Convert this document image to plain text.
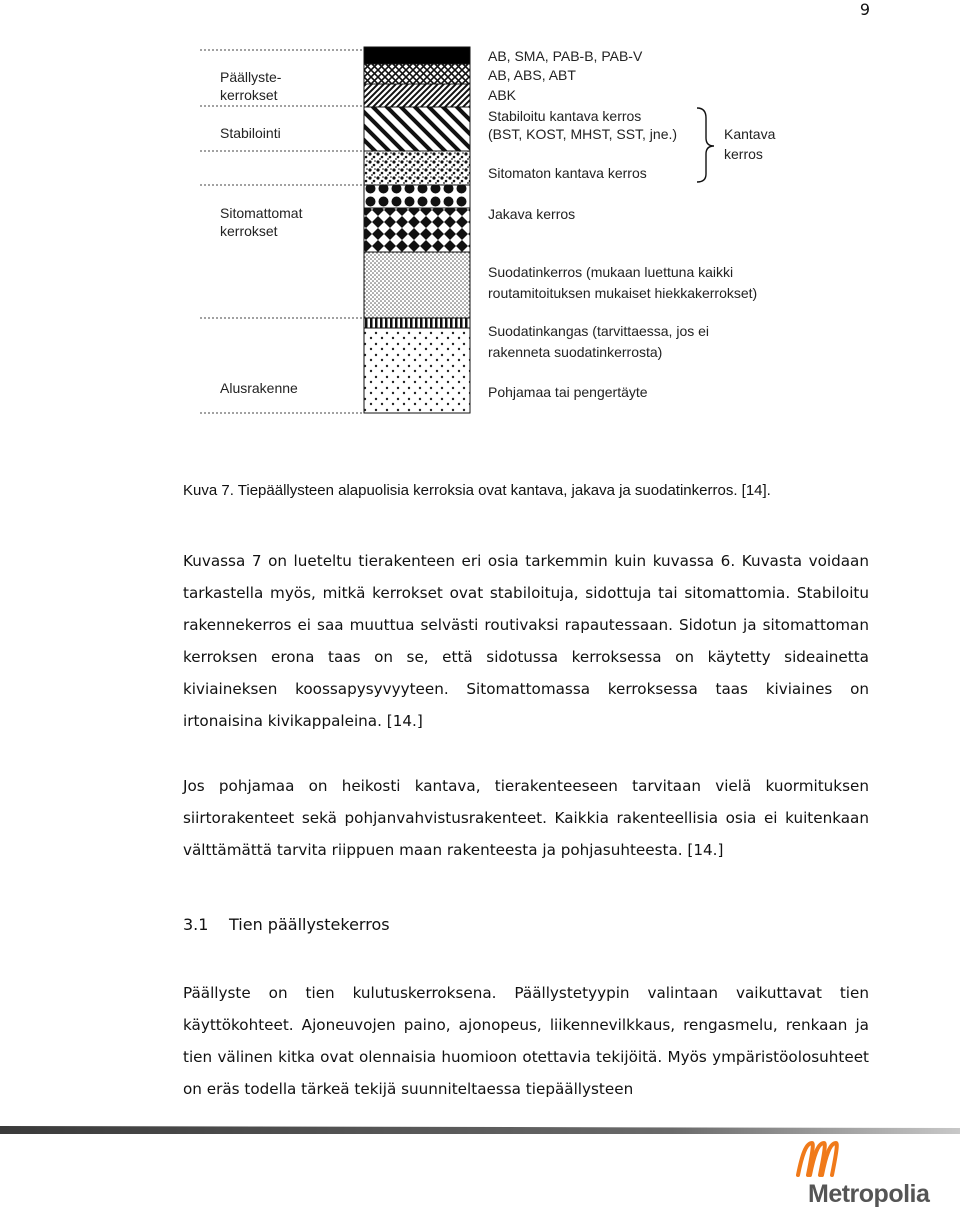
9
Päällyste-
kerrokset
Stabilointi
Sitomattomat
kerrokset
Alusrakenne
AB, SMA, PAB-B, PAB-V
AB, ABS, ABT
ABK
Stabiloitu kantava kerros
(BST, KOST, MHST, SST, jne.)
Sitomaton kantava kerros
Jakava kerros
Suodatinkerros (mukaan luettuna kaikki
routamitoituksen mukaiset hiekkakerrokset)
Suodatinkangas (tarvittaessa, jos ei
rakenneta suodatinkerrosta)
Pohjamaa tai pengertäyte
Kantava
kerros
Kuva 7. Tiepäällysteen alapuolisia kerroksia ovat kantava, jakava ja suodatinkerros. [14].

Kuvassa 7 on lueteltu tierakenteen eri osia tarkemmin kuin kuvassa 6. Kuvasta voidaan tarkastella myös, mitkä kerrokset ovat stabiloituja, sidottuja tai sitomattomia. Stabiloitu rakennekerros ei saa muuttua selvästi routivaksi rapautessaan. Sidotun ja sitomattoman kerroksen erona taas on se, että sidotussa kerroksessa on käytetty sideainetta kiviaineksen koossapysyvyyteen. Sitomattomassa kerroksessa taas kiviaines on irtonaisina kivikappaleina. [14.]

Jos pohjamaa on heikosti kantava, tierakenteeseen tarvitaan vielä kuormituksen siirtorakenteet sekä pohjanvahvistusrakenteet. Kaikkia rakenteellisia osia ei kuitenkaan välttämättä tarvita riippuen maan rakenteesta ja pohjasuhteesta. [14.]

3.1 Tien päällystekerros

Päällyste on tien kulutuskerroksena. Päällystetyypin valintaan vaikuttavat tien käyttökohteet. Ajoneuvojen paino, ajonopeus, liikennevilkkaus, rengasmelu, renkaan ja tien välinen kitka ovat olennaisia huomioon otettavia tekijöitä. Myös ympäristöolosuhteet on eräs todella tärkeä tekijä suunniteltaessa tiepäällysteen

Metropolia
